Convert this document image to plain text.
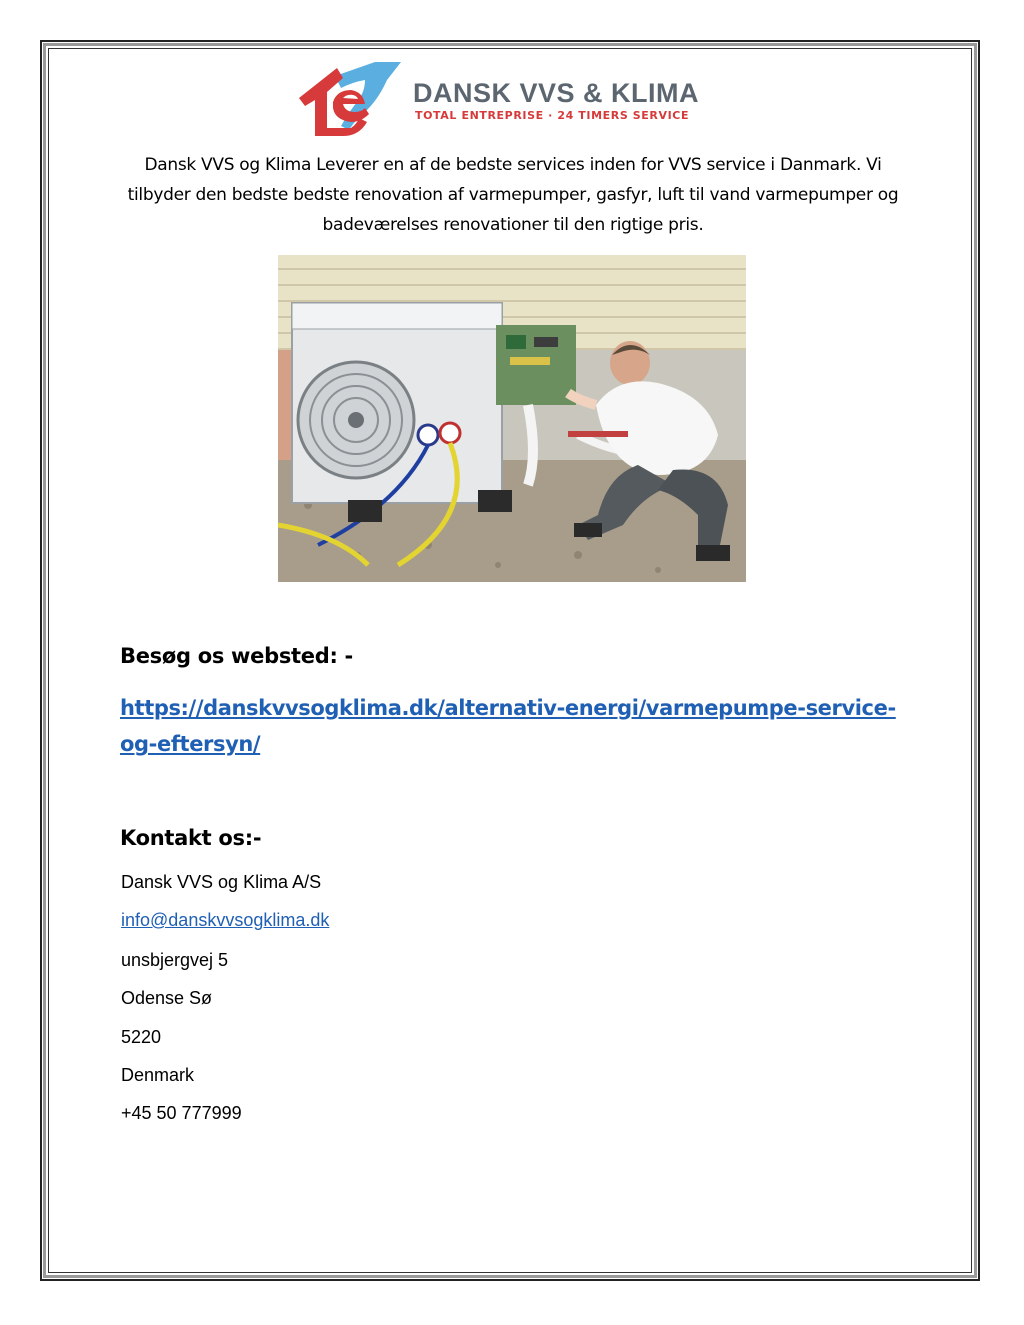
DANSK VVS & KLIMA
TOTAL ENTREPRISE · 24 TIMERS SERVICE
Dansk VVS og Klima Leverer en af de bedste services inden for VVS service i Danmark. Vi tilbyder den bedste bedste renovation af varmepumper, gasfyr, luft til vand varmepumper og badeværelses renovationer til den rigtige pris.
Besøg os websted: -
https://danskvvsogklima.dk/alternativ-energi/varmepumpe-service-og-eftersyn/
Kontakt os:-
Dansk VVS og Klima A/S
info@danskvvsogklima.dk
unsbjergvej 5
Odense Sø
5220
Denmark
+45 50 777999
